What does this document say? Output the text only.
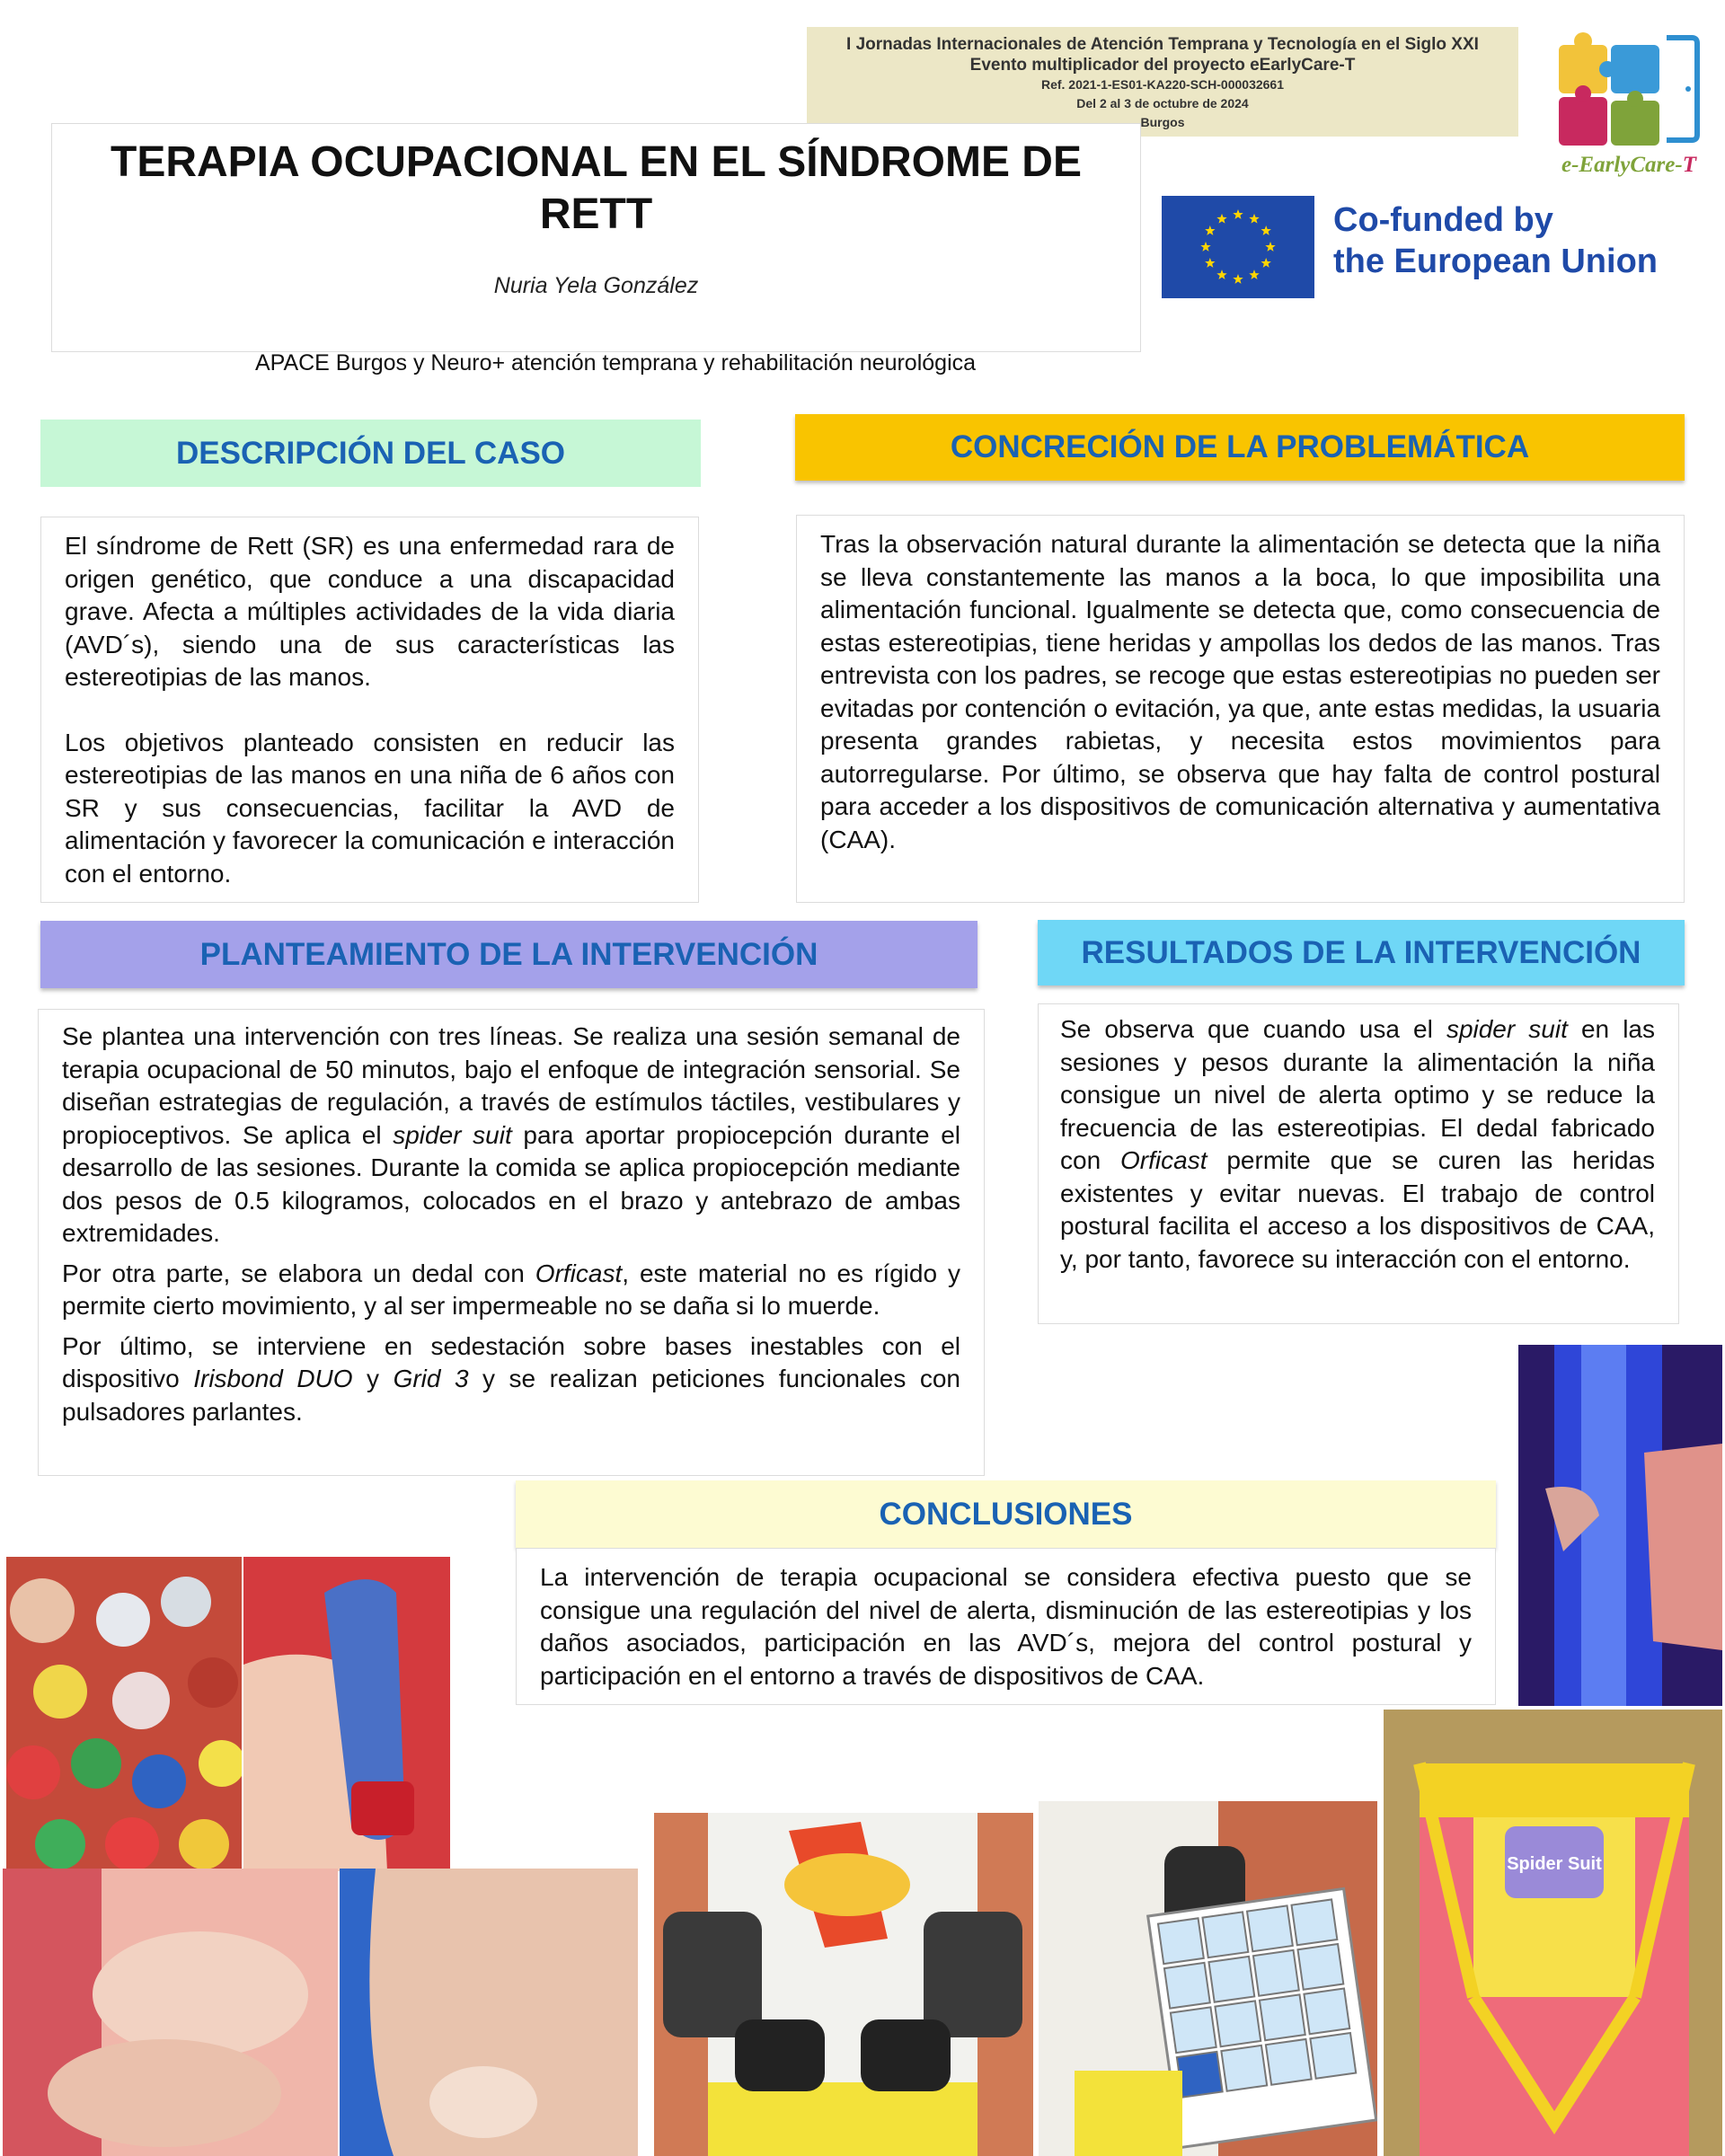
I Jornadas Internacionales de Atención Temprana y Tecnología en el Siglo XXI
Evento multiplicador del proyecto eEarlyCare-T
Ref. 2021-1-ES01-KA220-SCH-000032661
Del 2 al 3 de octubre de 2024
Burgos
e-EarlyCare-T
Co-funded by
the European Union
TERAPIA OCUPACIONAL EN EL SÍNDROME DE RETT
Nuria Yela González
APACE Burgos y Neuro+ atención temprana y rehabilitación neurológica
DESCRIPCIÓN DEL CASO

El síndrome de Rett (SR) es una enfermedad rara de origen genético, que conduce a una discapacidad grave. Afecta a múltiples actividades de la vida diaria (AVD´s), siendo una de sus características las estereotipias de las manos.

Los objetivos planteado consisten en reducir las estereotipias de las manos en una niña de 6 años con SR y sus consecuencias, facilitar la AVD de alimentación y favorecer la comunicación e interacción con el entorno.

CONCRECIÓN DE LA PROBLEMÁTICA

Tras la observación natural durante la alimentación se detecta que la niña se lleva constantemente las manos a la boca, lo que imposibilita una alimentación funcional. Igualmente se detecta que, como consecuencia de estas estereotipias, tiene heridas y ampollas los dedos de las manos. Tras entrevista con los padres, se recoge que estas estereotipias no pueden ser evitadas por contención o evitación, ya que, ante estas medidas, la usuaria presenta grandes rabietas, y necesita estos movimientos para autorregularse. Por último, se observa que hay falta de control postural para acceder a los dispositivos de comunicación alternativa y aumentativa (CAA).

PLANTEAMIENTO DE LA INTERVENCIÓN

Se plantea una intervención con tres líneas. Se realiza una sesión semanal de terapia ocupacional de 50 minutos, bajo el enfoque de integración sensorial. Se diseñan estrategias de regulación, a través de estímulos táctiles, vestibulares y propioceptivos. Se aplica el spider suit para aportar propiocepción durante el desarrollo de las sesiones. Durante la comida se aplica propiocepción mediante dos pesos de 0.5 kilogramos, colocados en el brazo y antebrazo de ambas extremidades.

Por otra parte, se elabora un dedal con Orficast, este material no es rígido y permite cierto movimiento, y al ser impermeable no se daña si lo muerde.

Por último, se interviene en sedestación sobre bases inestables con el dispositivo Irisbond DUO y Grid 3 y se realizan peticiones funcionales con pulsadores parlantes.

RESULTADOS DE LA INTERVENCIÓN

Se observa que cuando usa el spider suit en las sesiones y pesos durante la alimentación la niña consigue un nivel de alerta optimo y se reduce la frecuencia de las estereotipias. El dedal fabricado con Orficast permite que se curen las heridas existentes y evitar nuevas. El trabajo de control postural facilita el acceso a los dispositivos de CAA, y, por tanto, favorece su interacción con el entorno.

CONCLUSIONES

La intervención de terapia ocupacional se considera efectiva puesto que se consigue una regulación del nivel de alerta, disminución de las estereotipias y los daños asociados, participación en las AVD´s, mejora del control postural y participación en el entorno a través de dispositivos de CAA.

Spider Suit
